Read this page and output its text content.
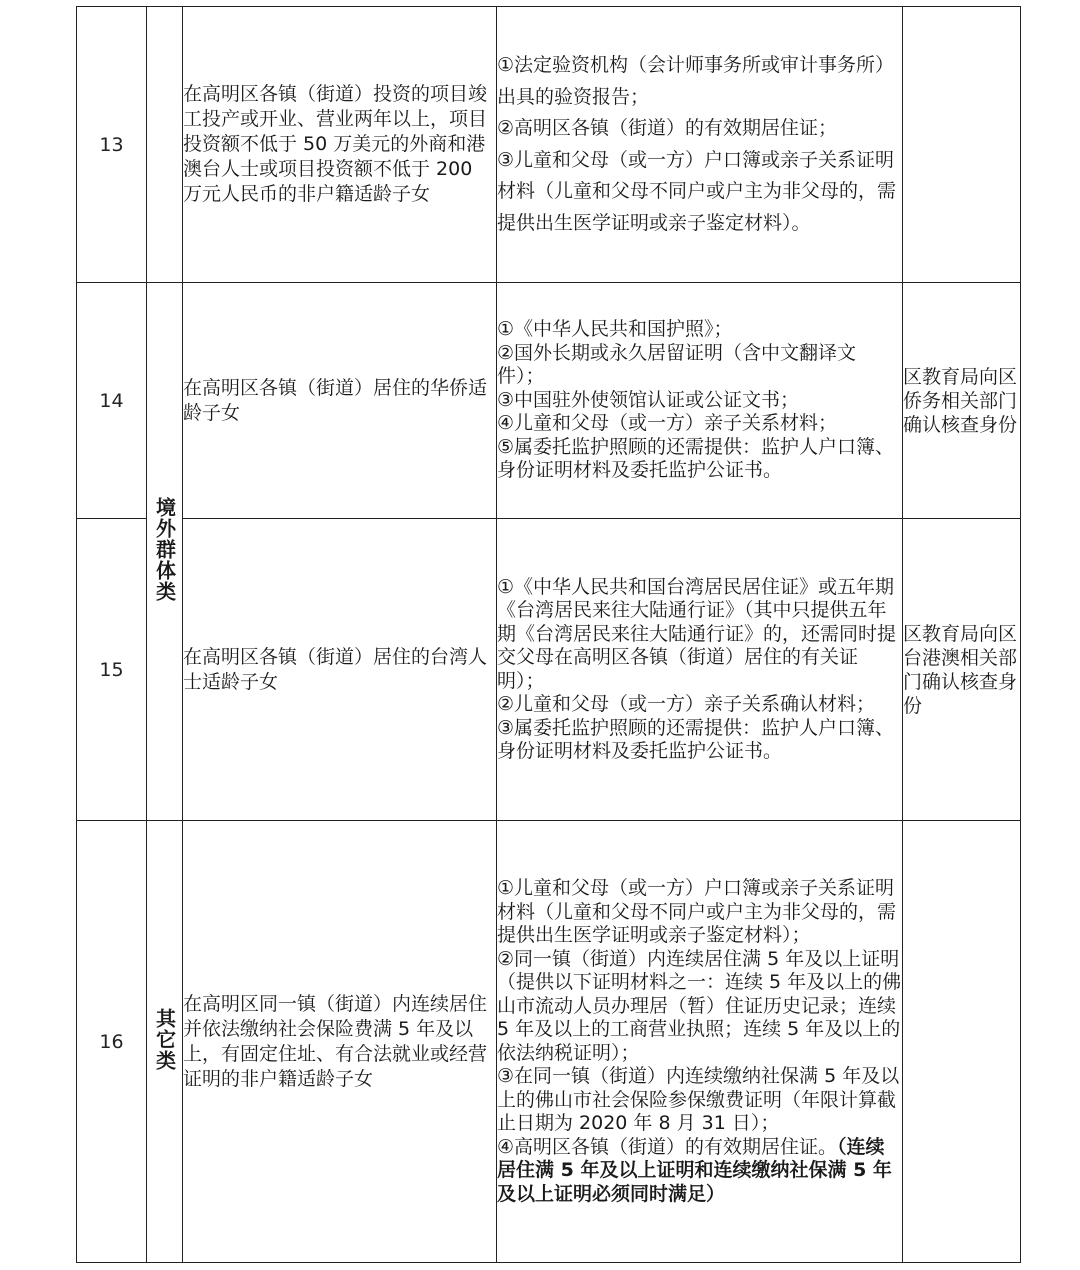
13		在高明区各镇（街道）投资的项目竣工投产或开业、营业两年以上，项目投资额不低于 50 万美元的外商和港澳台人士或项目投资额不低于 200 万元人民币的非户籍适龄子女	①法定验资机构（会计师事务所或审计事务所）出具的验资报告；

②高明区各镇（街道）的有效期居住证；

③儿童和父母（或一方）户口簿或亲子关系证明材料（儿童和父母不同户或户主为非父母的，需提供出生医学证明或亲子鉴定材料）。	

14	境外群体类	在高明区各镇（街道）居住的华侨适龄子女	①《中华人民共和国护照》；

②国外长期或永久居留证明（含中文翻译文件）；

③中国驻外使领馆认证或公证文书；

④儿童和父母（或一方）亲子关系材料；

⑤属委托监护照顾的还需提供：监护人户口簿、身份证明材料及委托监护公证书。	区教育局向区侨务相关部门确认核查身份
15		在高明区各镇（街道）居住的台湾人士适龄子女	①《中华人民共和国台湾居民居住证》或五年期《台湾居民来往大陆通行证》（其中只提供五年期《台湾居民来往大陆通行证》的，还需同时提交父母在高明区各镇（街道）居住的有关证明）；

②儿童和父母（或一方）亲子关系确认材料；

③属委托监护照顾的还需提供：监护人户口簿、身份证明材料及委托监护公证书。	区教育局向区台港澳相关部门确认核查身份
16	其它类	在高明区同一镇（街道）内连续居住并依法缴纳社会保险费满 5 年及以上，有固定住址、有合法就业或经营证明的非户籍适龄子女	①儿童和父母（或一方）户口簿或亲子关系证明材料（儿童和父母不同户或户主为非父母的，需提供出生医学证明或亲子鉴定材料）；

②同一镇（街道）内连续居住满 5 年及以上证明（提供以下证明材料之一：连续 5 年及以上的佛山市流动人员办理居（暂）住证历史记录；连续 5 年及以上的工商营业执照；连续 5 年及以上的依法纳税证明）；

③在同一镇（街道）内连续缴纳社保满 5 年及以上的佛山市社会保险参保缴费证明（年限计算截止日期为 2020 年 8 月 31 日）；

④高明区各镇（街道）的有效期居住证。（连续居住满 5 年及以上证明和连续缴纳社保满 5 年及以上证明必须同时满足）	
